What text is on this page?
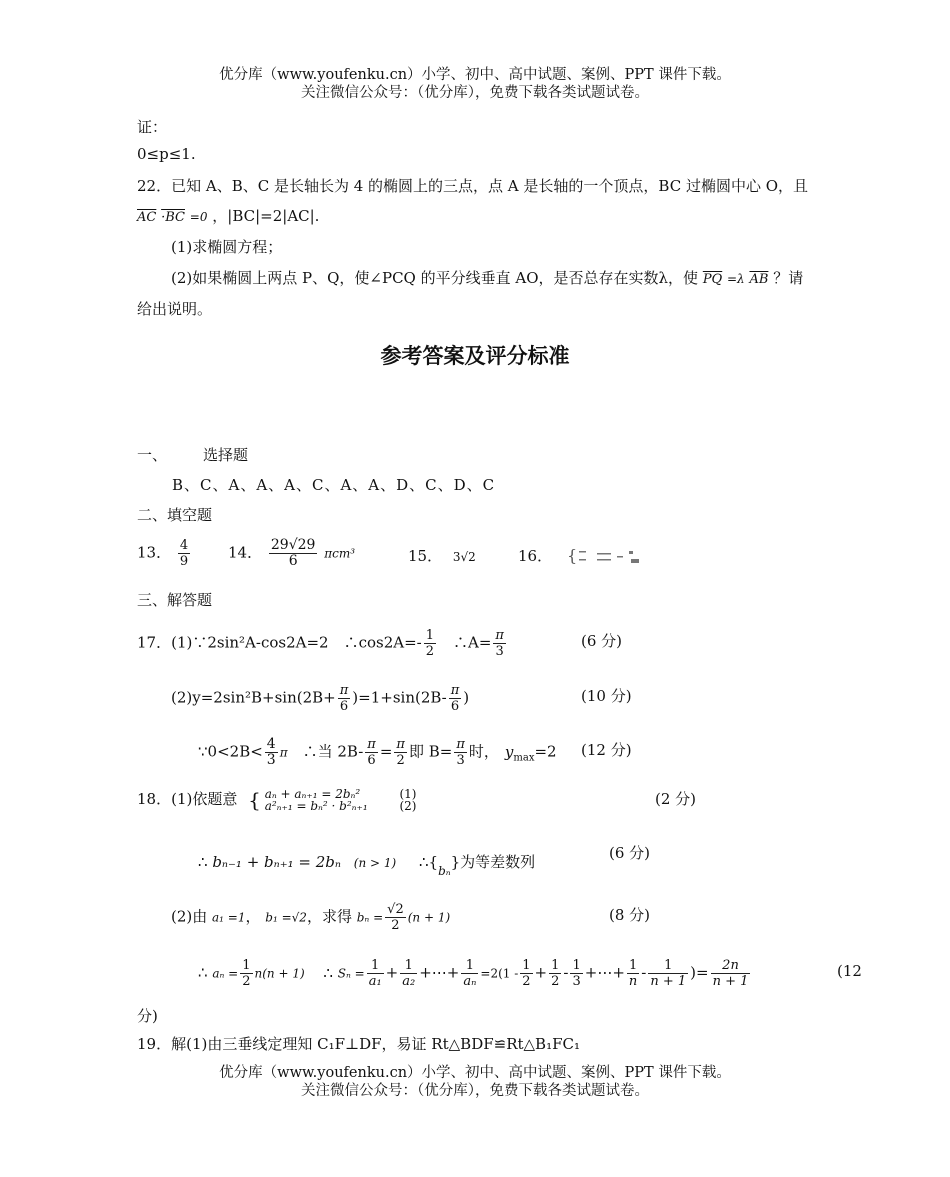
优分库（www.youfenku.cn）小学、初中、高中试题、案例、PPT 课件下载。
关注微信公众号：（优分库），免费下载各类试题试卷。
证：
0≤p≤1.
22．已知 A、B、C 是长轴长为 4 的椭圆上的三点，点 A 是长轴的一个顶点，BC 过椭圆中心 O，且
$\overline{AC} \cdot BC =0$ ，|BC|=2|AC|.
(1)求椭圆方程；
(2)如果椭圆上两点 P、Q，使∠PCQ 的平分线垂直 AO，是否总存在实数λ，使 $\overline{PQ} =\lambda$ $\overline{AB}$ ？请
给出说明。
参考答案及评分标准
一、 选择题
B、C、A、A、A、C、A、A、D、C、D、C
二、填空题
13． $\frac{4}{9}$	14． $\frac{29√29}{6} \pi cm^3$	15． 3√2	16． {
三、解答题
17．(1)∵2sin²A-cos2A=2　∴cos2A=- $\frac{1}{2}$ 　∴A= $\frac{\pi}{3}$	(6 分)
$(2)y=2\sin^2B+\sin(2B+ \frac{\pi}{6} )=1+\sin(2B- \frac{\pi}{6}$ )	(10 分)
∵0<2B< $\frac{4}{3}$ π　∴当 $2B- \frac{\pi}{6} = \frac{\pi}{2}$ 即 $B= \frac{\pi}{3}$ 时， $y_{max}=2$ (12 分)
18．(1)依题意 { aₙ + aₙ₊₁ = 2bₙ²
a²ₙ₊₁ = bₙ² · b²ₙ₊₁

(1)
(2)	(2 分)
∴ bₙ₋₁ + bₙ₊₁ = 2bₙ (n > 1) $\therefore\{_{b_n}\}$为等差数列	(6 分)
(2)由 a₁ =1， b₁ =√2，求得 $b_n = \frac{√2}{2} (n + 1)$	(8 分)
∴ $a_n = \frac{1}{2} n(n + 1)$ ∴ $S_n = \frac{1}{\text{a₁}} + \frac{1}{\text{a₂}}$ +⋯+ $\frac{1}{\text{aₙ}} =2(1 - \frac{1}{2} + \frac{1}{2} - \frac{1}{3}$ +⋯+ $\frac{1}{n} - \frac{1}{n + 1}$ )= $\frac{2n}{n + 1}$	(12
分)
19．解(1)由三垂线定理知 C₁F⊥DF，易证 Rt△BDF≌Rt△B₁FC₁
优分库（www.youfenku.cn）小学、初中、高中试题、案例、PPT 课件下载。
关注微信公众号：（优分库），免费下载各类试题试卷。
